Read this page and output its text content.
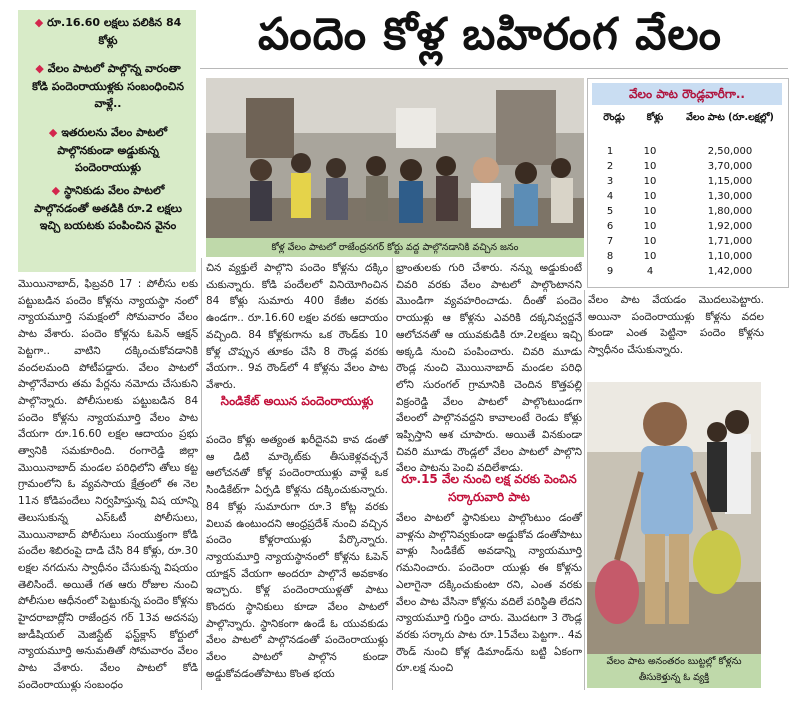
◆ రూ.16.60 లక్షలు పలికిన 84 కోళ్లు
◆ వేలం పాటలో పాల్గొన్న వారంతా కోడి పందెంరాయుళ్లకు సంబంధించిన వాళ్లే..
◆ ఇతరులను వేలం పాటలో పాల్గొనకుండా అడ్డుకున్న పందెంరాయుళ్లు
◆ స్థానికుడు వేలం పాటలో పాల్గొనడంతో అతడికి రూ.2 లక్షలు ఇచ్చి బయటకు పంపించిన వైనం
పందెం కోళ్ల బహిరంగ వేలం
కోళ్ల వేలం పాటలో రాజేంద్రనగర్ కోర్టు వద్ద పాల్గొనడానికి వచ్చిన జనం
వేలం పాట రౌండ్లవారీగా..
రౌండ్లు	కోళ్లు	వేలం పాట (రూ.లక్షల్లో)
1	10	2,50,000
2	10	3,70,000
3	10	1,15,000
4	10	1,30,000
5	10	1,80,000
6	10	1,92,000
7	10	1,71,000
8	10	1,10,000
9	4	1,42,000
మొయినాబాద్, ఫిబ్రవరి 17 : పోలీసు లకు పట్టుబడిన పందెం కోళ్లను న్యాయస్థా నంలో న్యాయమూర్తి సమక్షంలో సోమవారం వేలం పాట వేశారు. పందెం కోళ్లను ఓపెన్ ఆక్షన్ పెట్టగా.. వాటిని దక్కించుకోవడానికి వందలమంది పోటీపడ్డారు. వేలం పాటలో పాల్గొనేవారు తమ పేర్లను నమోదు చేసుకుని పాల్గొన్నారు. పోలీసులకు పట్టుబడిన 84 పందెం కోళ్లను న్యాయమూర్తి వేలం పాట వేయగా రూ.16.60 లక్షల ఆదాయం ప్రభు త్వానికి సమకూరింది. రంగారెడ్డి జిల్లా మొయినాబాద్ మండల పరిధిలోని తోలు కట్ట గ్రామంలోని ఓ వ్యవసాయ క్షేత్రంలో ఈ నెల 11న కోడిపందేలు నిర్వహిస్తున్న విష యాన్ని తెలుసుకున్న ఎస్ఓటీ పోలీసులు, మొయినాబాద్ పోలీసులు సంయుక్తంగా కోడి పందేల శిబిరంపై దాడి చేసి 84 కోళ్లు, రూ.30 లక్షల నగదును స్వాధీనం చేసుకున్న విషయం తెలిసిందే. అయితే గత ఆరు రోజుల నుంచి పోలీసుల ఆధీనంలో పెట్టుకున్న పందెం కోళ్లను హైదరాబాద్లోని రాజేంద్రన గర్ 13వ అదనపు జుడీషియల్ మెజిస్టేట్ ఫస్ట్‌క్లాస్ కోర్టులో న్యాయమూర్తి అనుమతితో సోమవారం వేలం పాట వేశారు. వేలం పాటలో కోడి పందెంరాయుళ్లు సంబంధం
చిన వ్యక్తులే పాల్గొని పందెం కోళ్లను దక్కిం చుకున్నారు. కోడి పందేలలో వినియోగించిన 84 కోళ్లు సుమారు 400 కేజీల వరకు ఉండగా.. రూ.16.60 లక్షల వరకు ఆదాయం వచ్చింది. 84 కోళ్లకుగాను ఒక రౌండ్‌కు 10 కోళ్ల చొప్పున తూకం చేసి 8 రౌండ్ల వరకు వేయగా.. 9వ రౌండ్‌లో 4 కోళ్లను వేలం పాట వేశారు.
సిండికేట్ అయిన పందెంరాయుళ్లు
పందెం కోళ్లు అత్యంత ఖరీదైనవి కావ డంతో ఆ డిటి మార్కెట్‌కు తీసుకెళ్లవచ్చనే ఆలోచనతో కోళ్ల పందెంరాయుళ్లు వాళ్లే ఒక సిండికేట్‌గా ఏర్పడి కోళ్లను దక్కించుకున్నారు. 84 కోళ్లు సుమారుగా రూ.3 కోట్ల వరకు విలువ ఉంటుందని ఆంధ్రప్రదేశ్ నుంచి వచ్చిన పందెం కోళ్లరాయుళ్లు పేర్కొన్నారు. న్యాయమూర్తి న్యాయస్థానంలో కోళ్లను ఓపెన్ యాక్షన్ వేయగా అందరూ పాల్గొనే అవకాశం ఇచ్చారు. కోళ్ల పందెంరాయుళ్లతో పాటు కొందరు స్థానికులు కూడా వేలం పాటలో పాల్గొన్నారు. స్థానికంగా ఉండే ఓ యువకుడు వేలం పాటలో పాల్గొనడంతో పందెంరాయుళ్లు వేలం పాటలో పాల్గొన కుండా అడ్డుకోవడంతోపాటు కొంత భయ
భ్రాంతులకు గురి చేశారు. నన్ను అడ్డుకుంటే చివరి వరకు వేలం పాటలో పాల్గొంటానని మొండిగా వ్యవహరించాడు. దీంతో పందెం రాయుళ్లు ఆ కోళ్లను ఎవరికి దక్కనివ్వద్దనే ఆలోచనతో ఆ యువకుడికి రూ.2లక్షలు ఇచ్చి అక్కడి నుంచి పంపించారు. చివరి మూడు రౌండ్ల నుంచి మొయినాబాద్ మండల పరిధి లోని సురంగల్ గ్రామానికి చెందిన కొత్తపల్లి విక్రంరెడ్డి వేలం పాటలో పాల్గొంటుండగా వేలంలో పాల్గొనవద్దని కావాలంటే రెండు కోళ్లు ఇప్పిస్తాని ఆశ చూపారు. అయితే వినకుండా చివరి మూడు రౌండ్లలో వేలం పాటలో పాల్గొని వేలం పాటను పెంచి వదిలేశాడు.
రూ.15 వేల నుంచి లక్ష వరకు పెంచిన సర్కారువారి పాట
వేలం పాటలో స్థానికులు పాల్గొంటుం డంతో వాళ్లను పాల్గొనివ్వకుండా అడ్డుకోవ డంతోపాటు వాళ్లు సిండికేట్ అవడాన్ని న్యాయమూర్తి గమనించారు. పందెంరా యుళ్లు ఈ కోళ్లను ఎలాగైనా దక్కించుకుంటా రని, ఎంత వరకు వేలం పాట వేసినా కోళ్లను వదిలే పరిస్థితి లేదని న్యాయమూర్తి గుర్తిం చారు. మొదటగా 3 రౌండ్ల వరకు సర్కారు పాట రూ.15వేలు పెట్టగా.. 4వ రౌండ్ నుంచి కోళ్ల డిమాండ్‌ను బట్టి ఏకంగా రూ.లక్ష నుంచి
వేలం పాట వేయడం మొదలుపెట్టారు. అయినా పందెంరాయుళ్లు కోళ్లను వదల కుండా ఎంత పెట్టినా పందెం కోళ్లను స్వాధీనం చేసుకున్నారు.
వేలం పాట అనంతరం బుట్టల్లో కోళ్లను తీసుకెళ్తున్న ఓ వ్యక్తి
